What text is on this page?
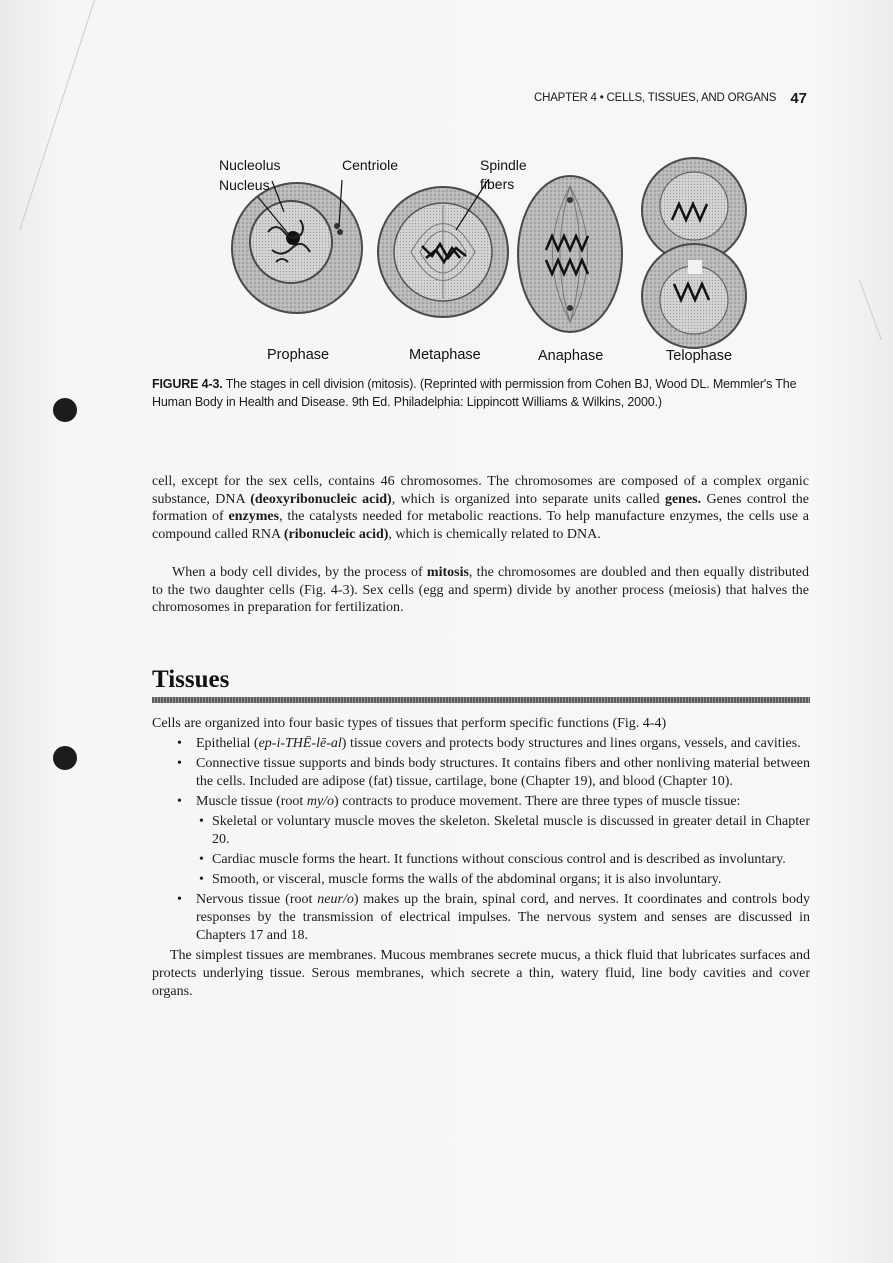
CHAPTER 4 • CELLS, TISSUES, AND ORGANS 47
Nucleolus
Nucleus
Centriole	Spindle
fibers
Prophase	Metaphase	Anaphase	Telophase
FIGURE 4-3. The stages in cell division (mitosis). (Reprinted with permission from Cohen BJ, Wood DL. Memmler's The Human Body in Health and Disease. 9th Ed. Philadelphia: Lippincott Williams & Wilkins, 2000.)
cell, except for the sex cells, contains 46 chromosomes. The chromosomes are composed of a complex organic substance, DNA (deoxyribonucleic acid), which is organized into separate units called genes. Genes control the formation of enzymes, the catalysts needed for metabolic reactions. To help manufacture enzymes, the cells use a compound called RNA (ribonucleic acid), which is chemically related to DNA.
When a body cell divides, by the process of mitosis, the chromosomes are doubled and then equally distributed to the two daughter cells (Fig. 4-3). Sex cells (egg and sperm) divide by another process (meiosis) that halves the chromosomes in preparation for fertilization.
Tissues

Cells are organized into four basic types of tissues that perform specific functions (Fig. 4-4)

• Epithelial (ep-i-THĒ-lē-al) tissue covers and protects body structures and lines organs, vessels, and cavities.

• Connective tissue supports and binds body structures. It contains fibers and other nonliving material between the cells. Included are adipose (fat) tissue, cartilage, bone (Chapter 19), and blood (Chapter 10).

• Muscle tissue (root my/o) contracts to produce movement. There are three types of muscle tissue:

• Skeletal or voluntary muscle moves the skeleton. Skeletal muscle is discussed in greater detail in Chapter 20.

• Cardiac muscle forms the heart. It functions without conscious control and is described as involuntary.

• Smooth, or visceral, muscle forms the walls of the abdominal organs; it is also involuntary.

• Nervous tissue (root neur/o) makes up the brain, spinal cord, and nerves. It coordinates and controls body responses by the transmission of electrical impulses. The nervous system and senses are discussed in Chapters 17 and 18.

The simplest tissues are membranes. Mucous membranes secrete mucus, a thick fluid that lubricates surfaces and protects underlying tissue. Serous membranes, which secrete a thin, watery fluid, line body cavities and cover organs.
